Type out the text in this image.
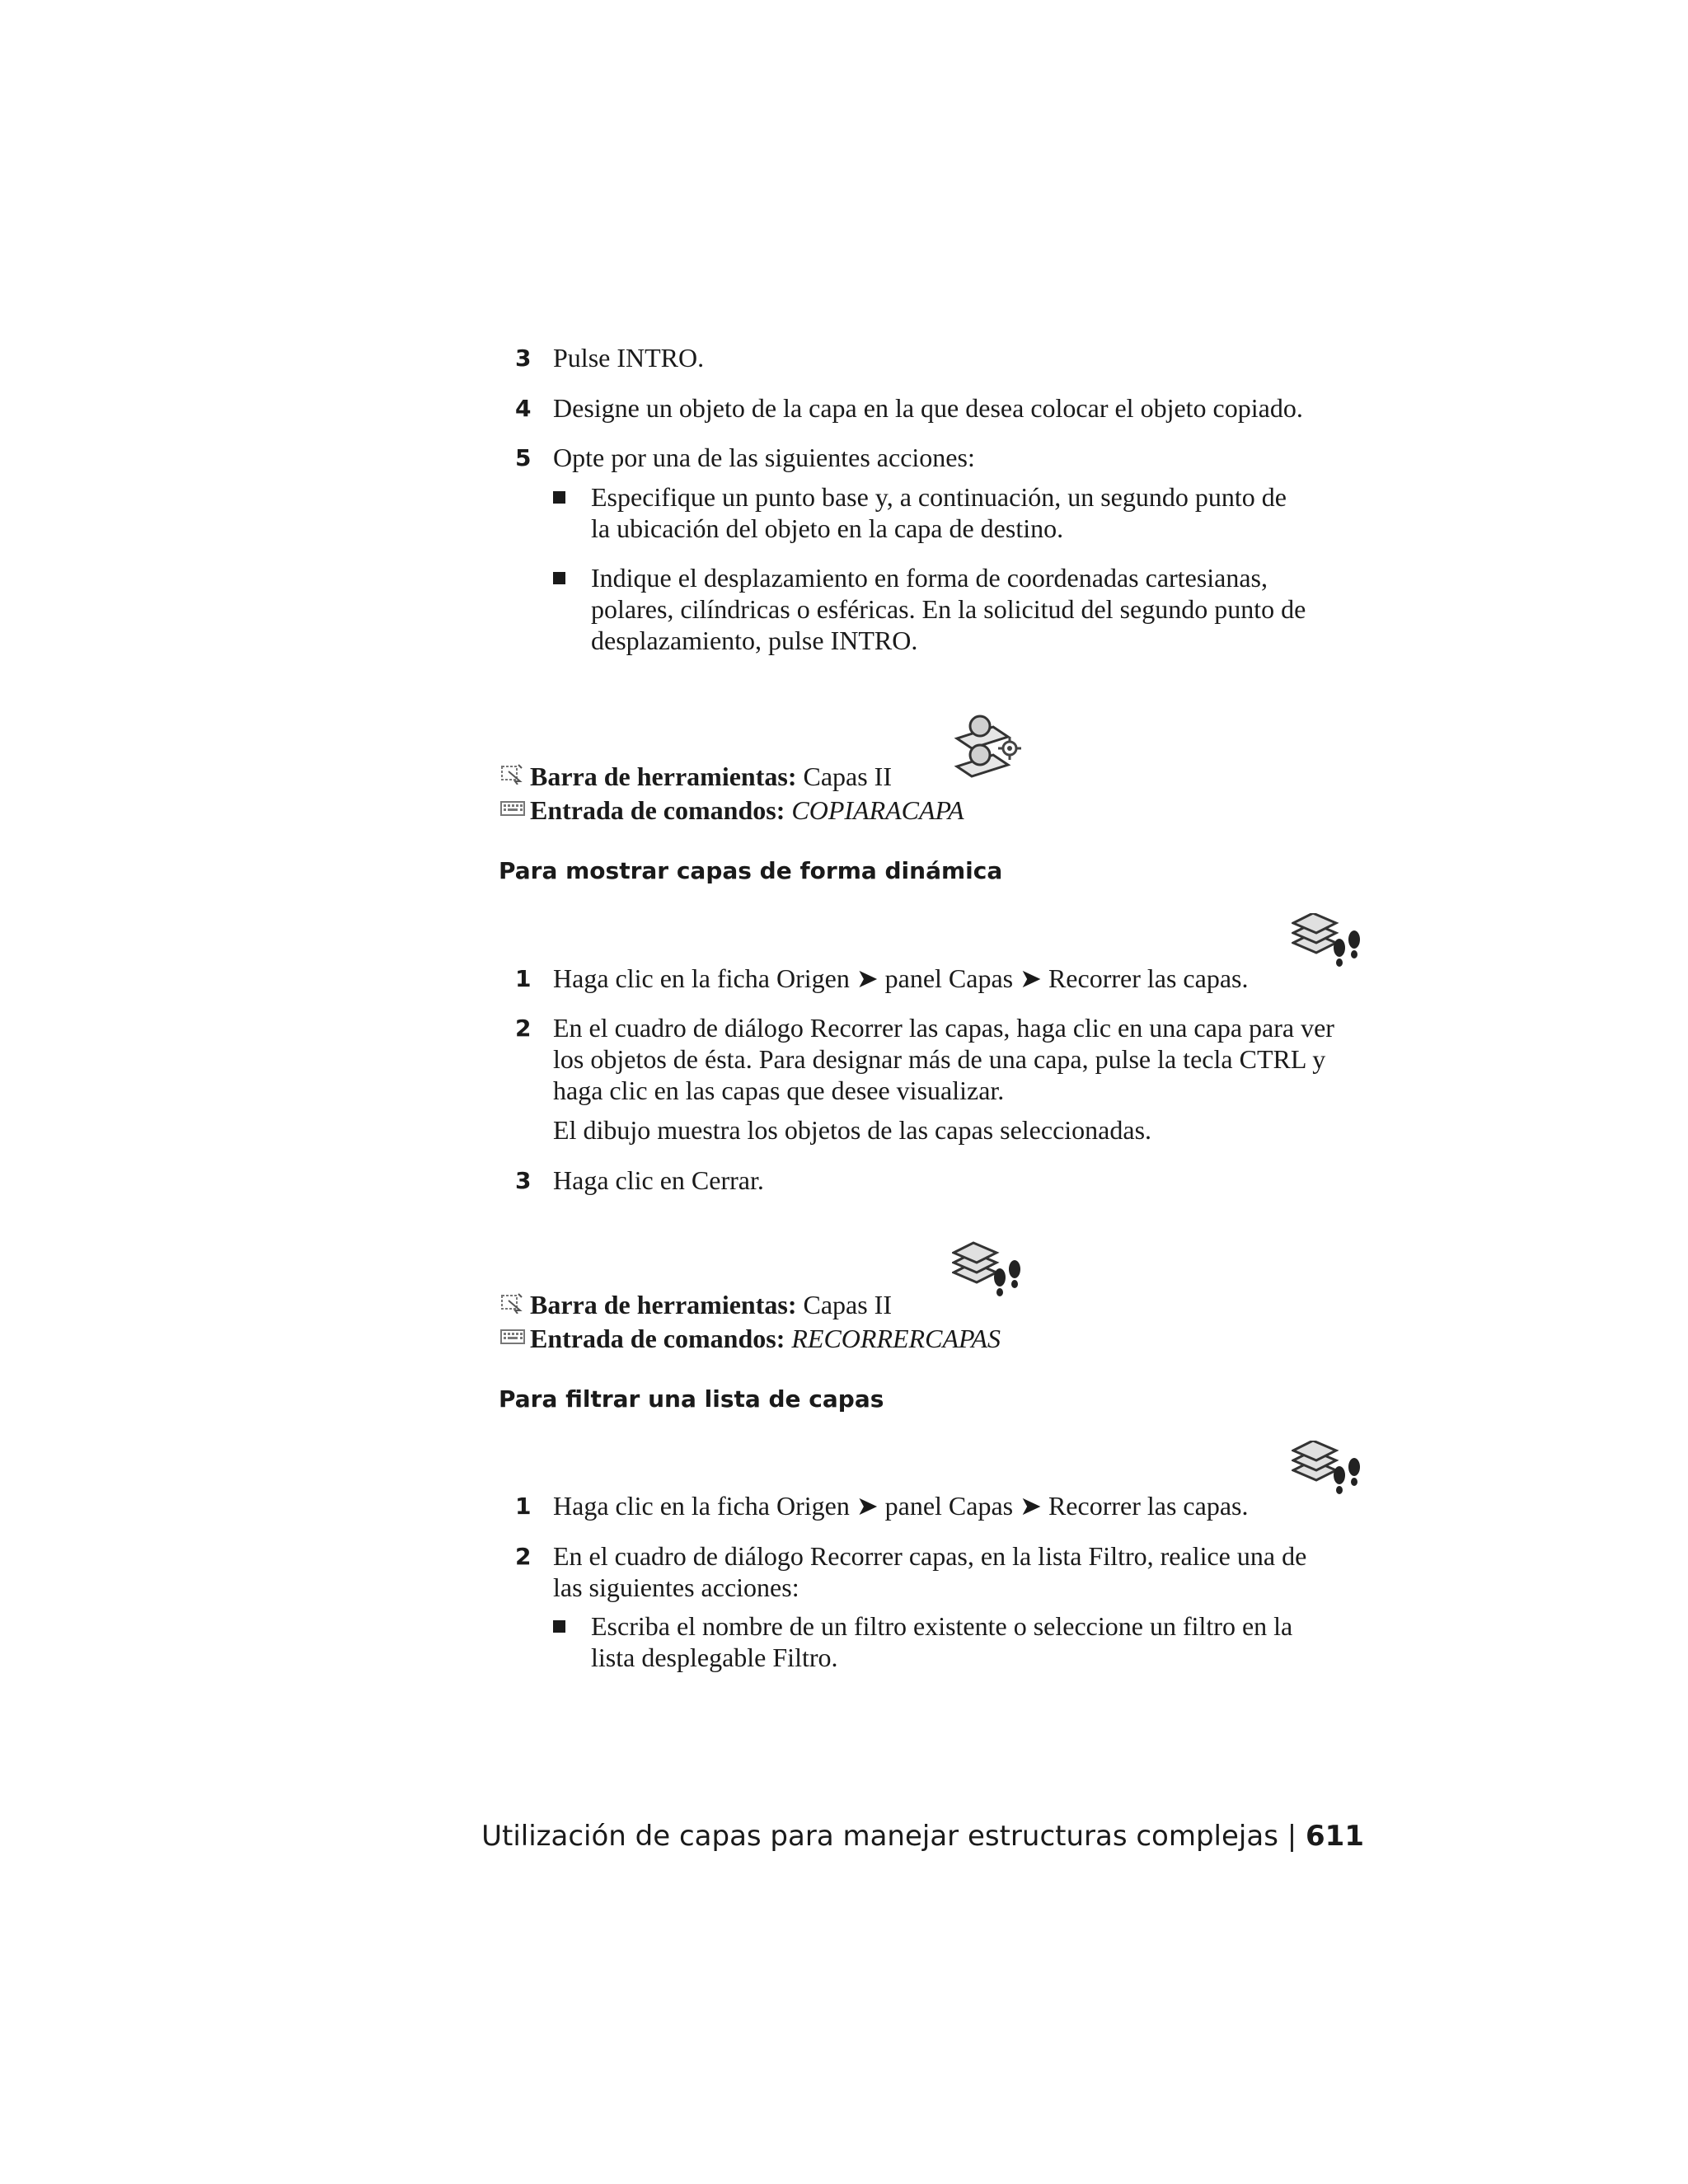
3 Pulse INTRO.
4 Designe un objeto de la capa en la que desea colocar el objeto copiado.
5 Opte por una de las siguientes acciones:
Especifique un punto base y, a continuación, un segundo punto de
la ubicación del objeto en la capa de destino.
Indique el desplazamiento en forma de coordenadas cartesianas,
polares, cilíndricas o esféricas. En la solicitud del segundo punto de
desplazamiento, pulse INTRO.
Barra de herramientas: Capas II
Entrada de comandos: COPIARACAPA
Para mostrar capas de forma dinámica
1 Haga clic en la ficha Origen ➤ panel Capas ➤ Recorrer las capas.
2 En el cuadro de diálogo Recorrer las capas, haga clic en una capa para ver
los objetos de ésta. Para designar más de una capa, pulse la tecla CTRL y
haga clic en las capas que desee visualizar.
El dibujo muestra los objetos de las capas seleccionadas.
3 Haga clic en Cerrar.
Barra de herramientas: Capas II
Entrada de comandos: RECORRERCAPAS
Para filtrar una lista de capas
1 Haga clic en la ficha Origen ➤ panel Capas ➤ Recorrer las capas.
2 En el cuadro de diálogo Recorrer capas, en la lista Filtro, realice una de
las siguientes acciones:
Escriba el nombre de un filtro existente o seleccione un filtro en la
lista desplegable Filtro.
Utilización de capas para manejar estructuras complejas | 611
